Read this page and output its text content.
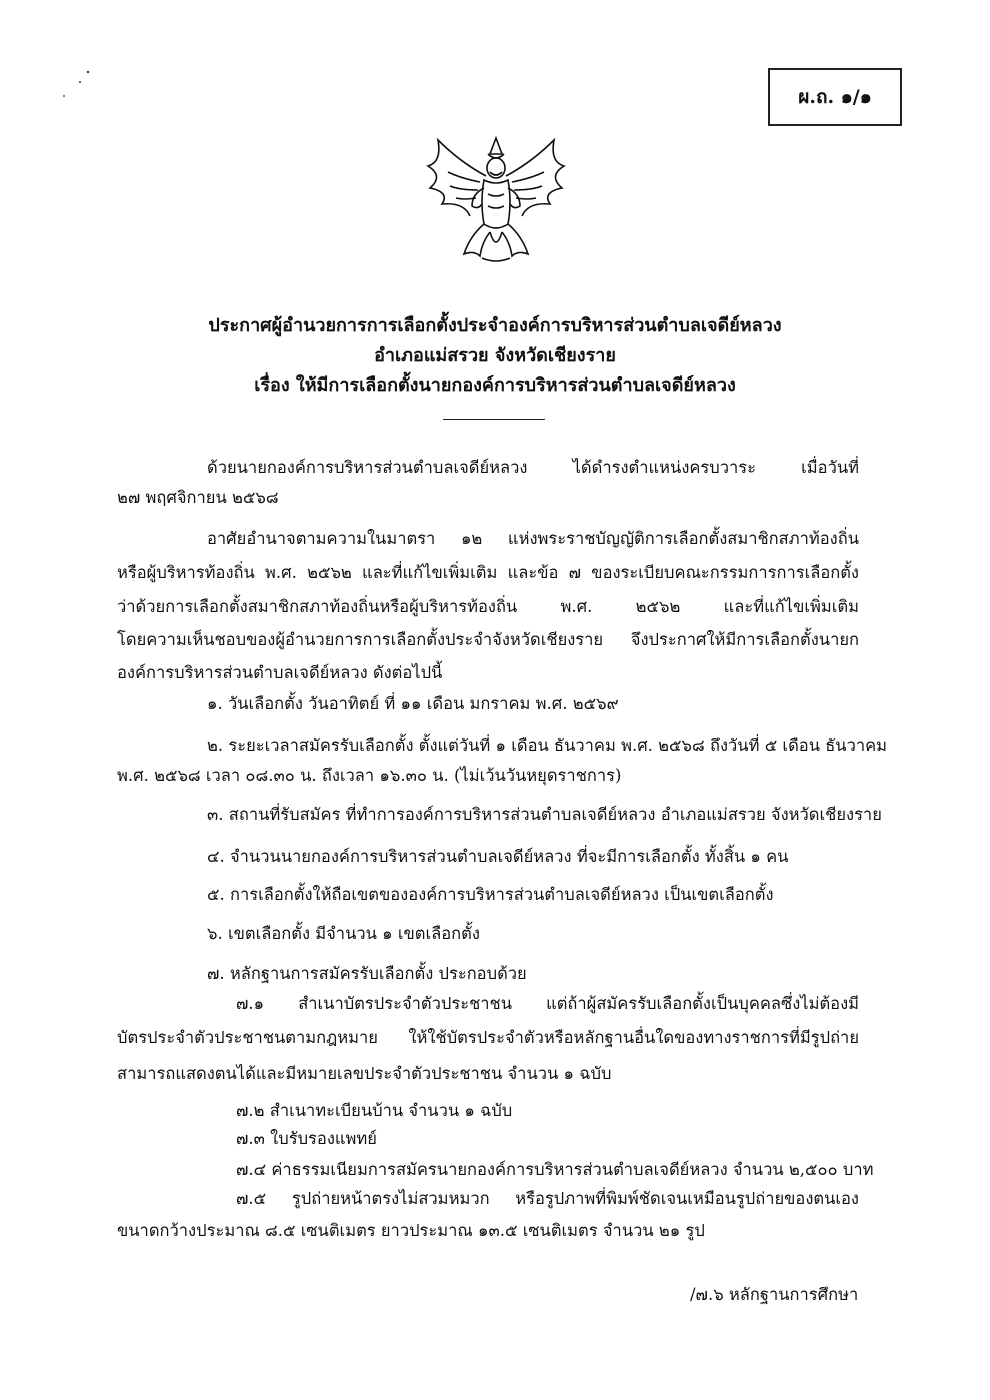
ผ.ถ. ๑/๑
ประกาศผู้อำนวยการการเลือกตั้งประจำองค์การบริหารส่วนตำบลเจดีย์หลวง
อำเภอแม่สรวย จังหวัดเชียงราย
เรื่อง ให้มีการเลือกตั้งนายกองค์การบริหารส่วนตำบลเจดีย์หลวง
ด้วยนายกองค์การบริหารส่วนตำบลเจดีย์หลวง ได้ดำรงตำแหน่งครบวาระ เมื่อวันที่
๒๗ พฤศจิกายน ๒๕๖๘
อาศัยอำนาจตามความในมาตรา ๑๒ แห่งพระราชบัญญัติการเลือกตั้งสมาชิกสภาท้องถิ่น
หรือผู้บริหารท้องถิ่น พ.ศ. ๒๕๖๒ และที่แก้ไขเพิ่มเติม และข้อ ๗ ของระเบียบคณะกรรมการการเลือกตั้ง
ว่าด้วยการเลือกตั้งสมาชิกสภาท้องถิ่นหรือผู้บริหารท้องถิ่น พ.ศ. ๒๕๖๒ และที่แก้ไขเพิ่มเติม
โดยความเห็นชอบของผู้อำนวยการการเลือกตั้งประจำจังหวัดเชียงราย จึงประกาศให้มีการเลือกตั้งนายก
องค์การบริหารส่วนตำบลเจดีย์หลวง ดังต่อไปนี้
๑. วันเลือกตั้ง วันอาทิตย์ ที่ ๑๑ เดือน มกราคม พ.ศ. ๒๕๖๙
๒. ระยะเวลาสมัครรับเลือกตั้ง ตั้งแต่วันที่ ๑ เดือน ธันวาคม พ.ศ. ๒๕๖๘ ถึงวันที่ ๕ เดือน ธันวาคม
พ.ศ. ๒๕๖๘ เวลา ๐๘.๓๐ น. ถึงเวลา ๑๖.๓๐ น. (ไม่เว้นวันหยุดราชการ)
๓. สถานที่รับสมัคร ที่ทำการองค์การบริหารส่วนตำบลเจดีย์หลวง อำเภอแม่สรวย จังหวัดเชียงราย
๔. จำนวนนายกองค์การบริหารส่วนตำบลเจดีย์หลวง ที่จะมีการเลือกตั้ง ทั้งสิ้น ๑ คน
๕. การเลือกตั้งให้ถือเขตขององค์การบริหารส่วนตำบลเจดีย์หลวง เป็นเขตเลือกตั้ง
๖. เขตเลือกตั้ง มีจำนวน ๑ เขตเลือกตั้ง
๗. หลักฐานการสมัครรับเลือกตั้ง ประกอบด้วย
๗.๑ สำเนาบัตรประจำตัวประชาชน แต่ถ้าผู้สมัครรับเลือกตั้งเป็นบุคคลซึ่งไม่ต้องมี
บัตรประจำตัวประชาชนตามกฎหมาย ให้ใช้บัตรประจำตัวหรือหลักฐานอื่นใดของทางราชการที่มีรูปถ่าย
สามารถแสดงตนได้และมีหมายเลขประจำตัวประชาชน จำนวน ๑ ฉบับ
๗.๒ สำเนาทะเบียนบ้าน จำนวน ๑ ฉบับ
๗.๓ ใบรับรองแพทย์
๗.๔ ค่าธรรมเนียมการสมัครนายกองค์การบริหารส่วนตำบลเจดีย์หลวง จำนวน ๒,๕๐๐ บาท
๗.๕ รูปถ่ายหน้าตรงไม่สวมหมวก หรือรูปภาพที่พิมพ์ชัดเจนเหมือนรูปถ่ายของตนเอง
ขนาดกว้างประมาณ ๘.๕ เซนติเมตร ยาวประมาณ ๑๓.๕ เซนติเมตร จำนวน ๒๑ รูป
/๗.๖ หลักฐานการศึกษา
